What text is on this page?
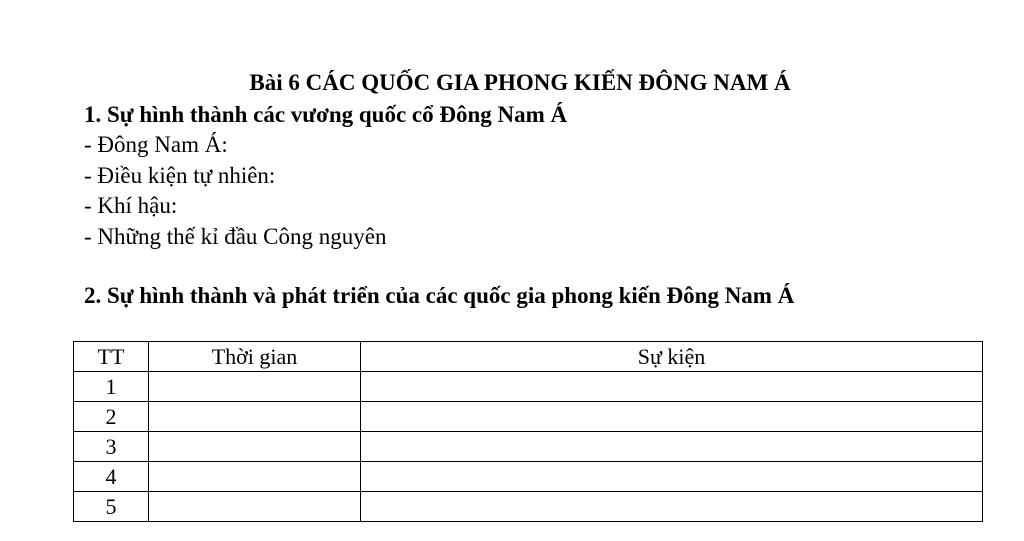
Bài 6 CÁC QUỐC GIA PHONG KIẾN ĐÔNG NAM Á
1. Sự hình thành các vương quốc cổ Đông Nam Á
- Đông Nam Á:
- Điều kiện tự nhiên:
- Khí hậu:
- Những thế kỉ đầu Công nguyên
2. Sự hình thành và phát triển của các quốc gia phong kiến Đông Nam Á
TT	Thời gian	Sự kiện
1		
2		
3		
4		
5		
